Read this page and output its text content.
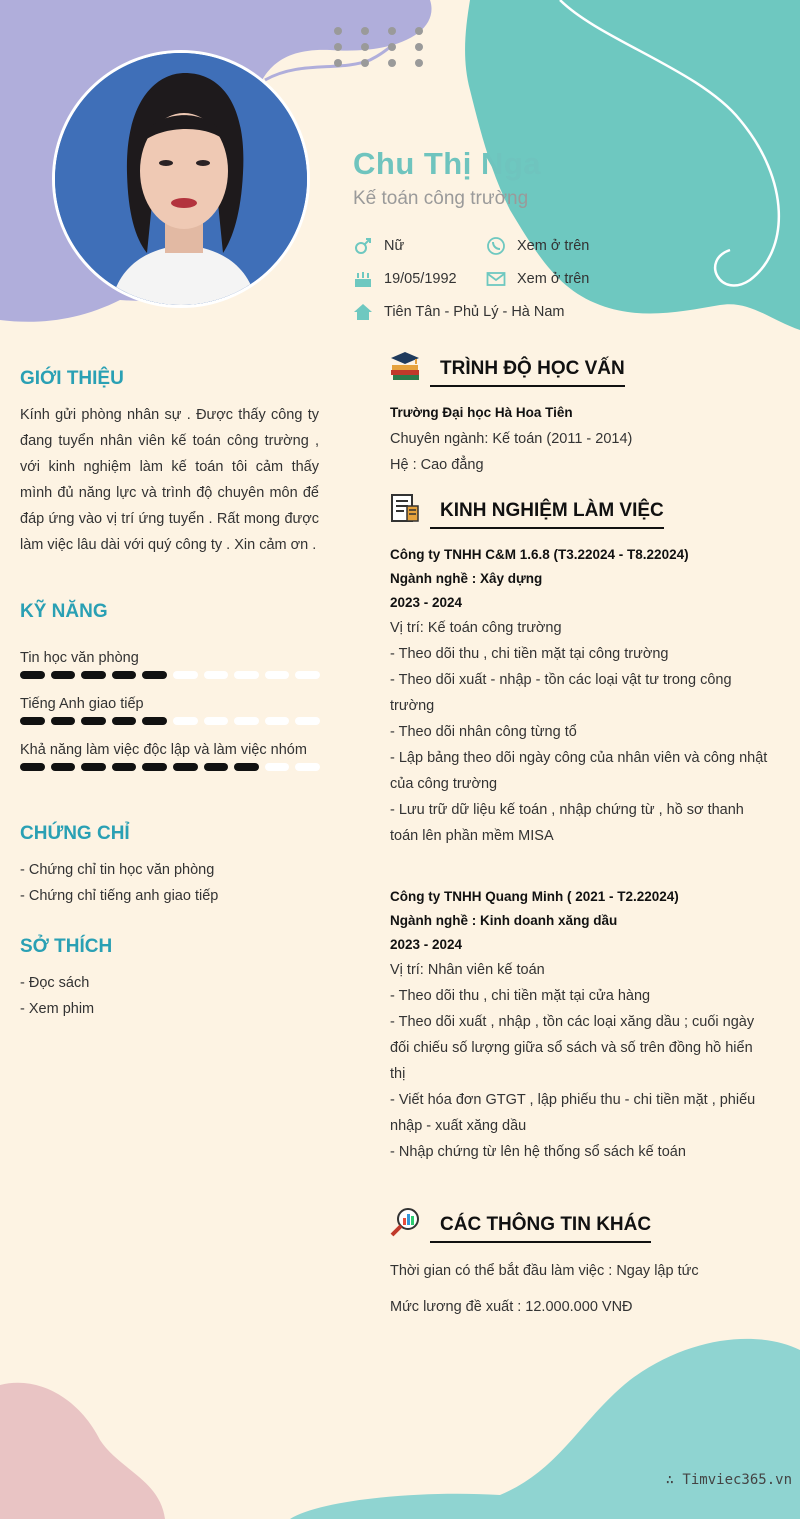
Chu Thị Nga
Kế toán công trường
Nữ	Xem ở trên
19/05/1992	Xem ở trên
Tiên Tân - Phủ Lý - Hà Nam
GIỚI THIỆU
Kính gửi phòng nhân sự . Được thấy công ty đang tuyển nhân viên kế toán công trường , với kinh nghiệm làm kế toán tôi cảm thấy mình đủ năng lực và trình độ chuyên môn để đáp ứng vào vị trí ứng tuyển . Rất mong được làm việc lâu dài với quý công ty . Xin cảm ơn .
KỸ NĂNG
Tin học văn phòng
Tiếng Anh giao tiếp
Khả năng làm việc độc lập và làm việc nhóm
CHỨNG CHỈ
- Chứng chỉ tin học văn phòng
- Chứng chỉ tiếng anh giao tiếp
SỞ THÍCH
- Đọc sách
- Xem phim
TRÌNH ĐỘ HỌC VẤN
Trường Đại học Hà Hoa Tiên
Chuyên ngành: Kế toán (2011 - 2014)
Hệ : Cao đẳng
KINH NGHIỆM LÀM VIỆC
Công ty TNHH C&M 1.6.8 (T3.22024 - T8.22024)
Ngành nghề : Xây dựng
2023 - 2024
Vị trí: Kế toán công trường
- Theo dõi thu , chi tiền mặt tại công trường
- Theo dõi xuất - nhập - tồn các loại vật tư trong công trường
- Theo dõi nhân công từng tổ
- Lập bảng theo dõi ngày công của nhân viên và công nhật của công trường
- Lưu trữ dữ liệu kế toán , nhập chứng từ , hồ sơ thanh toán lên phần mềm MISA
Công ty TNHH Quang Minh ( 2021 - T2.22024)
Ngành nghề : Kinh doanh xăng dầu
2023 - 2024
Vị trí: Nhân viên kế toán
- Theo dõi thu , chi tiền mặt tại cửa hàng
- Theo dõi xuất , nhập , tồn các loại xăng dầu ; cuối ngày đối chiếu số lượng giữa sổ sách và số trên đồng hồ hiển thị
- Viết hóa đơn GTGT , lập phiếu thu - chi tiền mặt , phiếu nhập - xuất xăng dầu
- Nhập chứng từ lên hệ thống sổ sách kế toán
CÁC THÔNG TIN KHÁC
Thời gian có thể bắt đầu làm việc : Ngay lập tức
Mức lương đề xuất : 12.000.000 VNĐ
∴ Timviec365.vn
